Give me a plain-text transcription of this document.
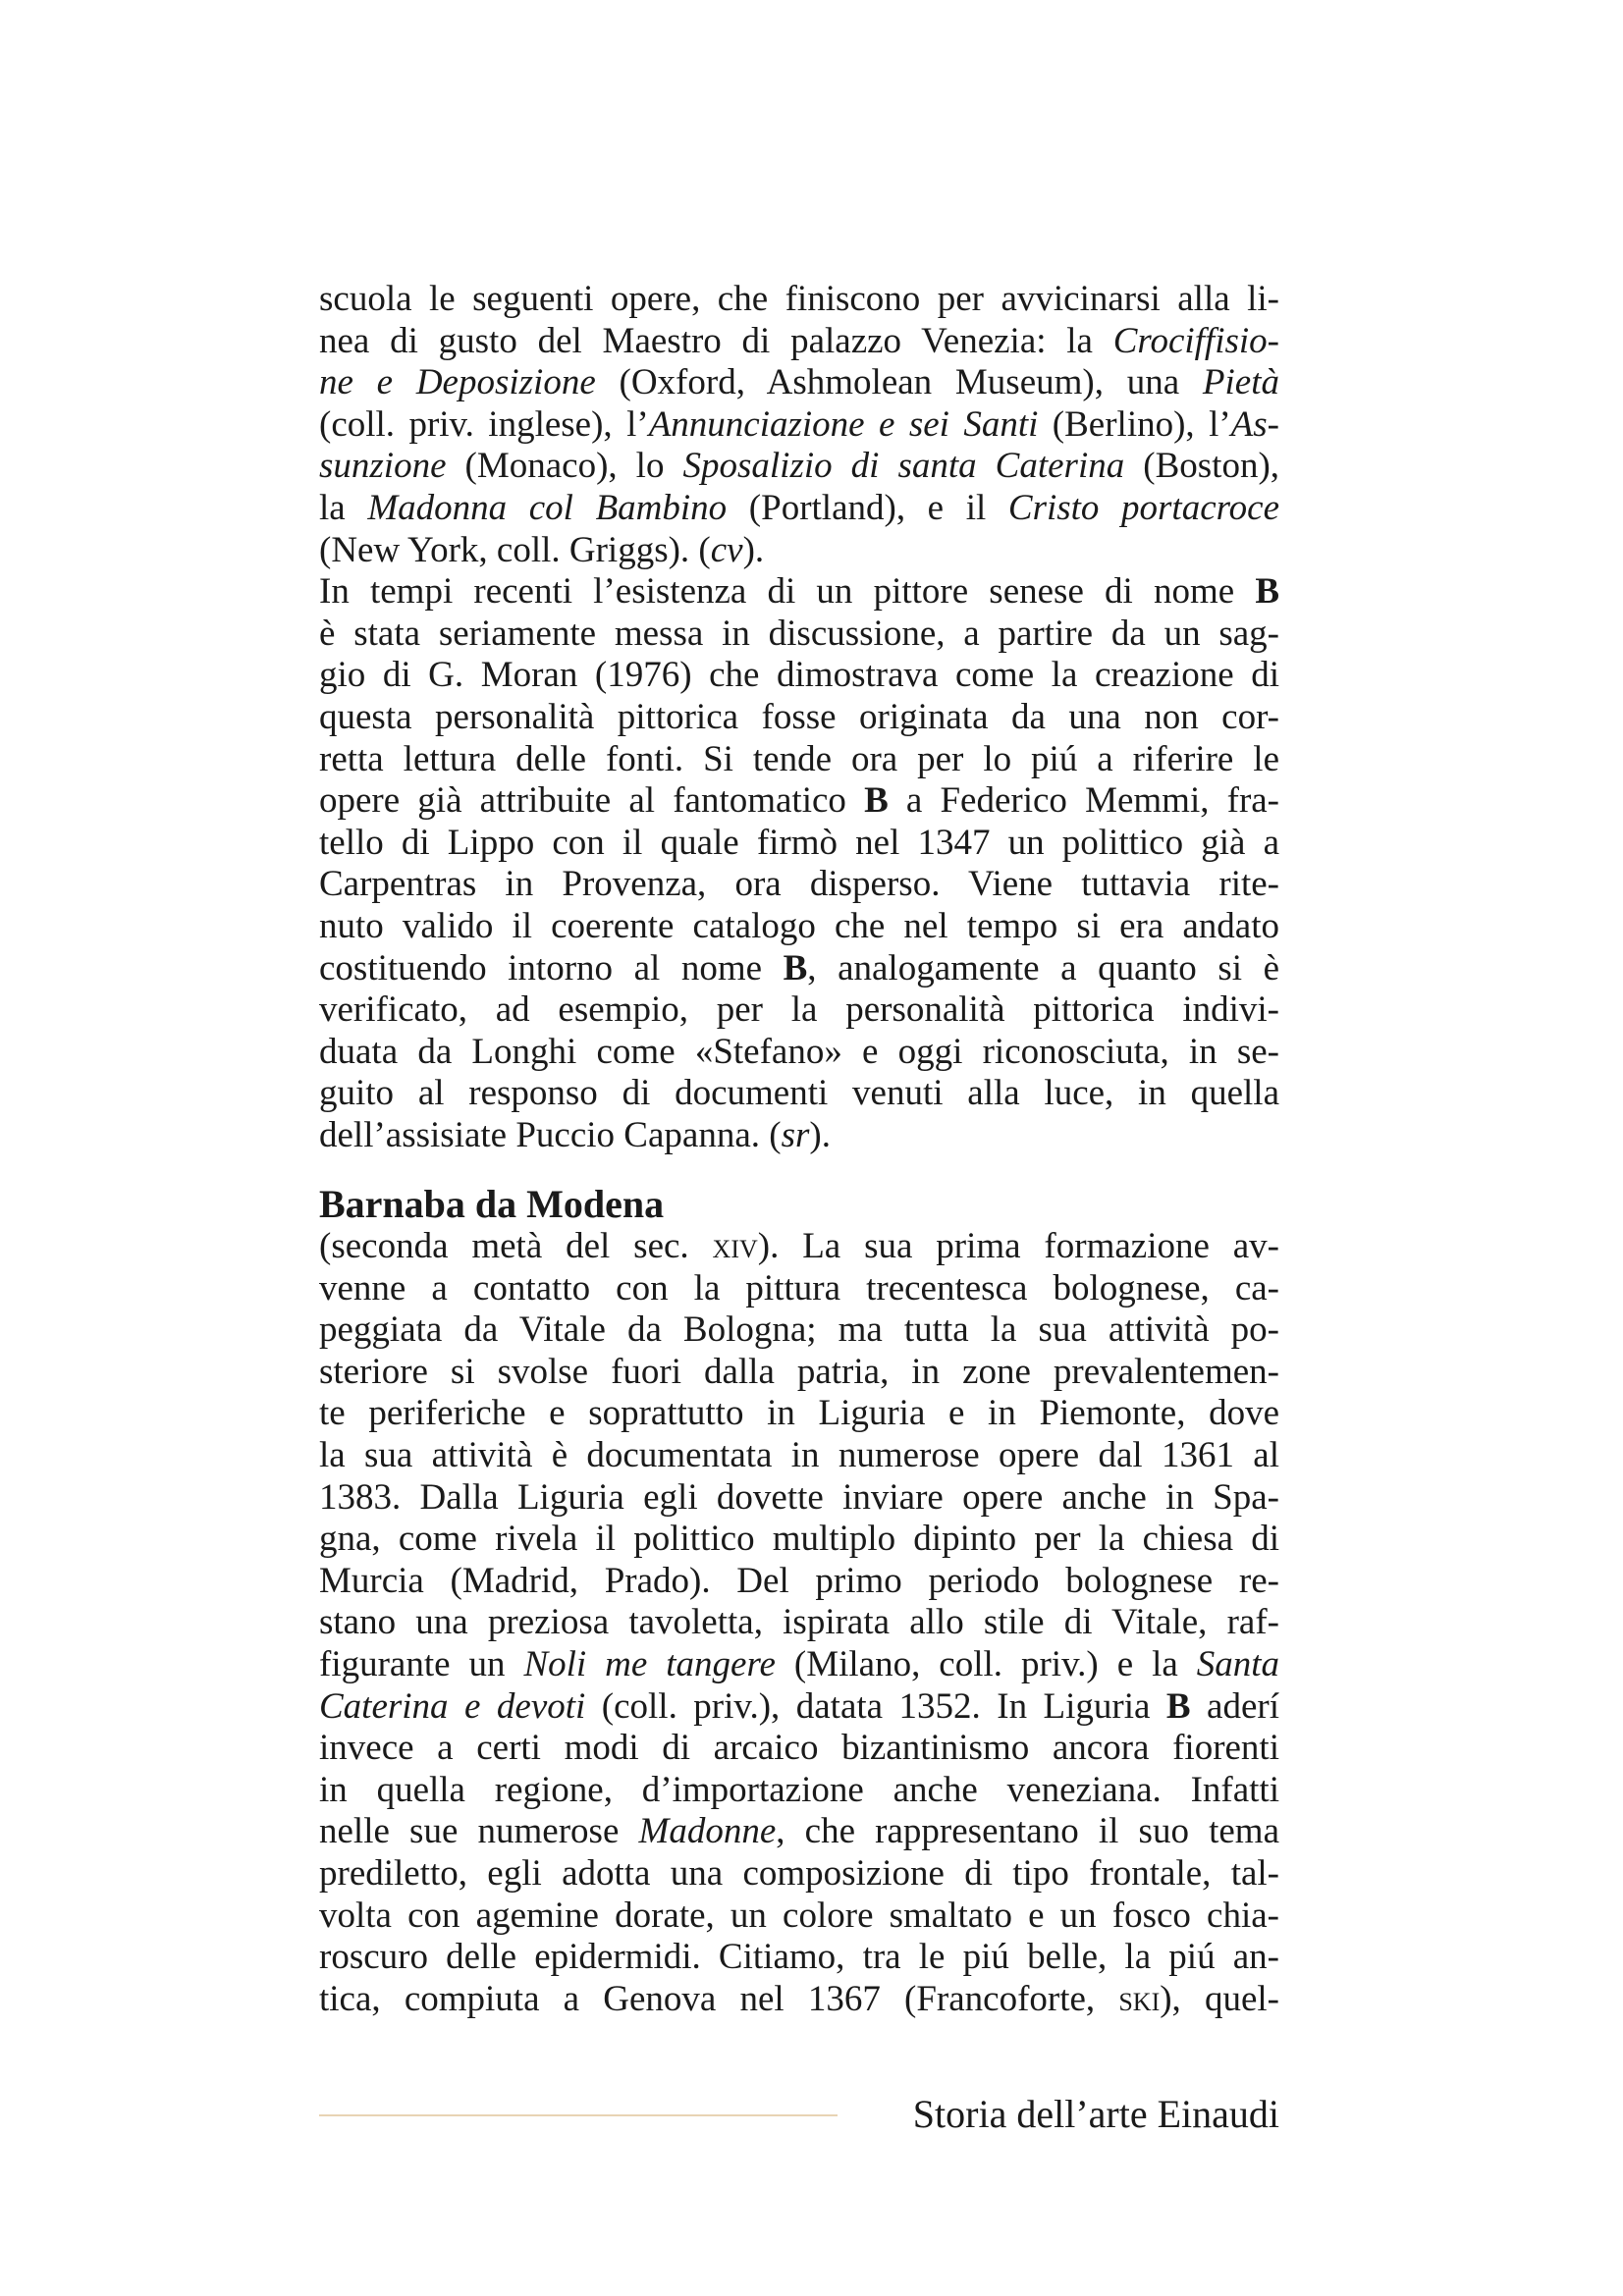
scuola le seguenti opere, che finiscono per avvicinarsi alla li-
nea di gusto del Maestro di palazzo Venezia: la Crociffisio-
ne e Deposizione (Oxford, Ashmolean Museum), una Pietà
(coll. priv. inglese), l’Annunciazione e sei Santi (Berlino), l’As-
sunzione (Monaco), lo Sposalizio di santa Caterina (Boston),
la Madonna col Bambino (Portland), e il Cristo portacroce
(New York, coll. Griggs). (cv).
In tempi recenti l’esistenza di un pittore senese di nome B
è stata seriamente messa in discussione, a partire da un sag-
gio di G. Moran (1976) che dimostrava come la creazione di
questa personalità pittorica fosse originata da una non cor-
retta lettura delle fonti. Si tende ora per lo piú a riferire le
opere già attribuite al fantomatico B a Federico Memmi, fra-
tello di Lippo con il quale firmò nel 1347 un polittico già a
Carpentras in Provenza, ora disperso. Viene tuttavia rite-
nuto valido il coerente catalogo che nel tempo si era andato
costituendo intorno al nome B, analogamente a quanto si è
verificato, ad esempio, per la personalità pittorica indivi-
duata da Longhi come «Stefano» e oggi riconosciuta, in se-
guito al responso di documenti venuti alla luce, in quella
dell’assisiate Puccio Capanna. (sr).
Barnaba da Modena
(seconda metà del sec. xiv). La sua prima formazione av-
venne a contatto con la pittura trecentesca bolognese, ca-
peggiata da Vitale da Bologna; ma tutta la sua attività po-
steriore si svolse fuori dalla patria, in zone prevalentemen-
te periferiche e soprattutto in Liguria e in Piemonte, dove
la sua attività è documentata in numerose opere dal 1361 al
1383. Dalla Liguria egli dovette inviare opere anche in Spa-
gna, come rivela il polittico multiplo dipinto per la chiesa di
Murcia (Madrid, Prado). Del primo periodo bolognese re-
stano una preziosa tavoletta, ispirata allo stile di Vitale, raf-
figurante un Noli me tangere (Milano, coll. priv.) e la Santa
Caterina e devoti (coll. priv.), datata 1352. In Liguria B aderí
invece a certi modi di arcaico bizantinismo ancora fiorenti
in quella regione, d’importazione anche veneziana. Infatti
nelle sue numerose Madonne, che rappresentano il suo tema
prediletto, egli adotta una composizione di tipo frontale, tal-
volta con agemine dorate, un colore smaltato e un fosco chia-
roscuro delle epidermidi. Citiamo, tra le piú belle, la piú an-
tica, compiuta a Genova nel 1367 (Francoforte, ski), quel-
Storia dell’arte Einaudi
